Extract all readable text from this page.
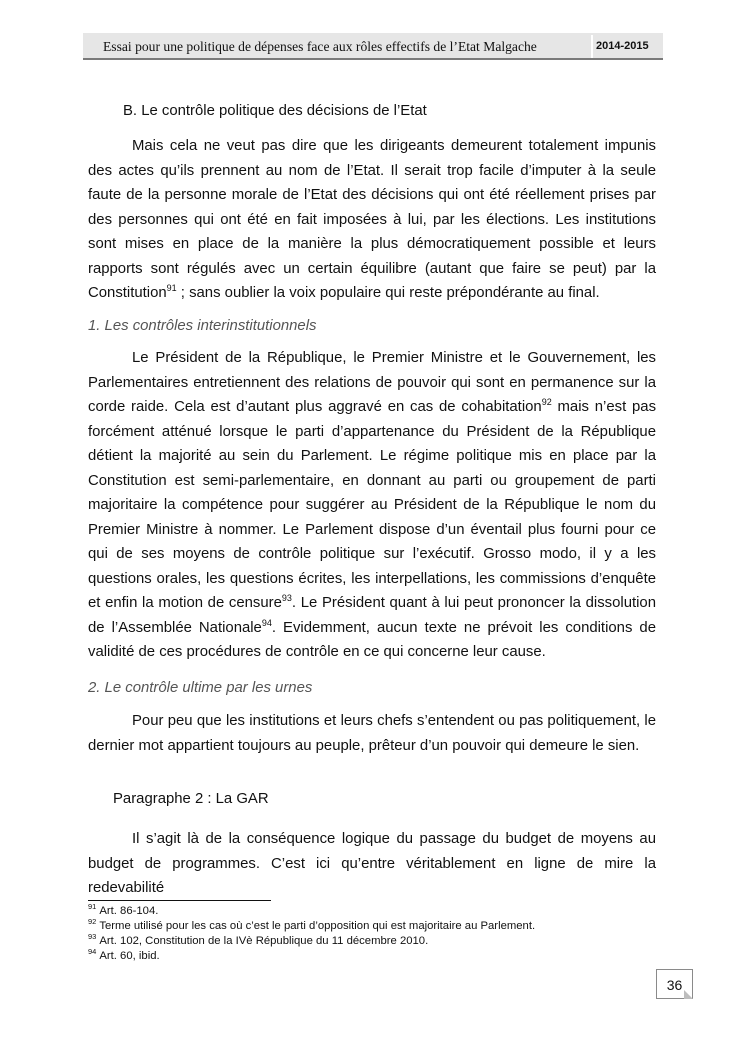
Essai pour une politique de dépenses face aux rôles effectifs de l’Etat Malgache	2014-2015
B. Le contrôle politique des décisions de l’Etat

Mais cela ne veut pas dire que les dirigeants demeurent totalement impunis des actes qu’ils prennent au nom de l’Etat. Il serait trop facile d’imputer à la seule faute de la personne morale de l’Etat des décisions qui ont été réellement prises par des personnes qui ont été en fait imposées à lui, par les élections. Les institutions sont mises en place de la manière la plus démocratiquement possible et leurs rapports sont régulés avec un certain équilibre (autant que faire se peut) par la Constitution$^{91}$ ; sans oublier la voix populaire qui reste prépondérante au final.

1. Les contrôles interinstitutionnels

Le Président de la République, le Premier Ministre et le Gouvernement, les Parlementaires entretiennent des relations de pouvoir qui sont en permanence sur la corde raide. Cela est d’autant plus aggravé en cas de cohabitation$^{92}$ mais n’est pas forcément atténué lorsque le parti d’appartenance du Président de la République détient la majorité au sein du Parlement. Le régime politique mis en place par la Constitution est semi-parlementaire, en donnant au parti ou groupement de parti majoritaire la compétence pour suggérer au Président de la République le nom du Premier Ministre à nommer. Le Parlement dispose d’un éventail plus fourni pour ce qui de ses moyens de contrôle politique sur l’exécutif. Grosso modo, il y a les questions orales, les questions écrites, les interpellations, les commissions d’enquête et enfin la motion de censure$^{93}$. Le Président quant à lui peut prononcer la dissolution de l’Assemblée Nationale$^{94}$. Evidemment, aucun texte ne prévoit les conditions de validité de ces procédures de contrôle en ce qui concerne leur cause.

2. Le contrôle ultime par les urnes

Pour peu que les institutions et leurs chefs s’entendent ou pas politiquement, le dernier mot appartient toujours au peuple, prêteur d’un pouvoir qui demeure le sien.

Paragraphe 2 : La GAR

Il s’agit là de la conséquence logique du passage du budget de moyens au budget de programmes. C’est ici qu’entre véritablement en ligne de mire la redevabilité

$^{91}$ Art. 86-104.
$^{92}$ Terme utilisé pour les cas où c’est le parti d’opposition qui est majoritaire au Parlement.
$^{93}$ Art. 102, Constitution de la IVè République du 11 décembre 2010.
$^{94}$ Art. 60, ibid.
36
